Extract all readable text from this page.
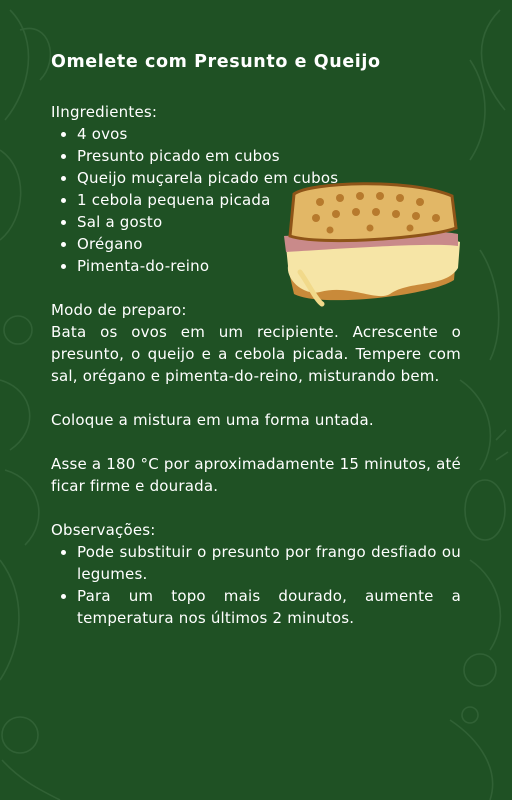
Omelete com Presunto e Queijo
IIngredientes:
• 4 ovos
• Presunto picado em cubos
• Queijo muçarela picado em cubos
• 1 cebola pequena picada
• Sal a gosto
• Orégano
• Pimenta-do-reino
Modo de preparo:

Bata os ovos em um recipiente. Acrescente o presunto, o queijo e a cebola picada. Tempere com sal, orégano e pimenta-do-reino, misturando bem.

Coloque a mistura em uma forma untada.

Asse a 180 °C por aproximadamente 15 minutos, até ficar firme e dourada.

Observações:
• Pode substituir o presunto por frango desfiado ou legumes.
• Para um topo mais dourado, aumente a temperatura nos últimos 2 minutos.
